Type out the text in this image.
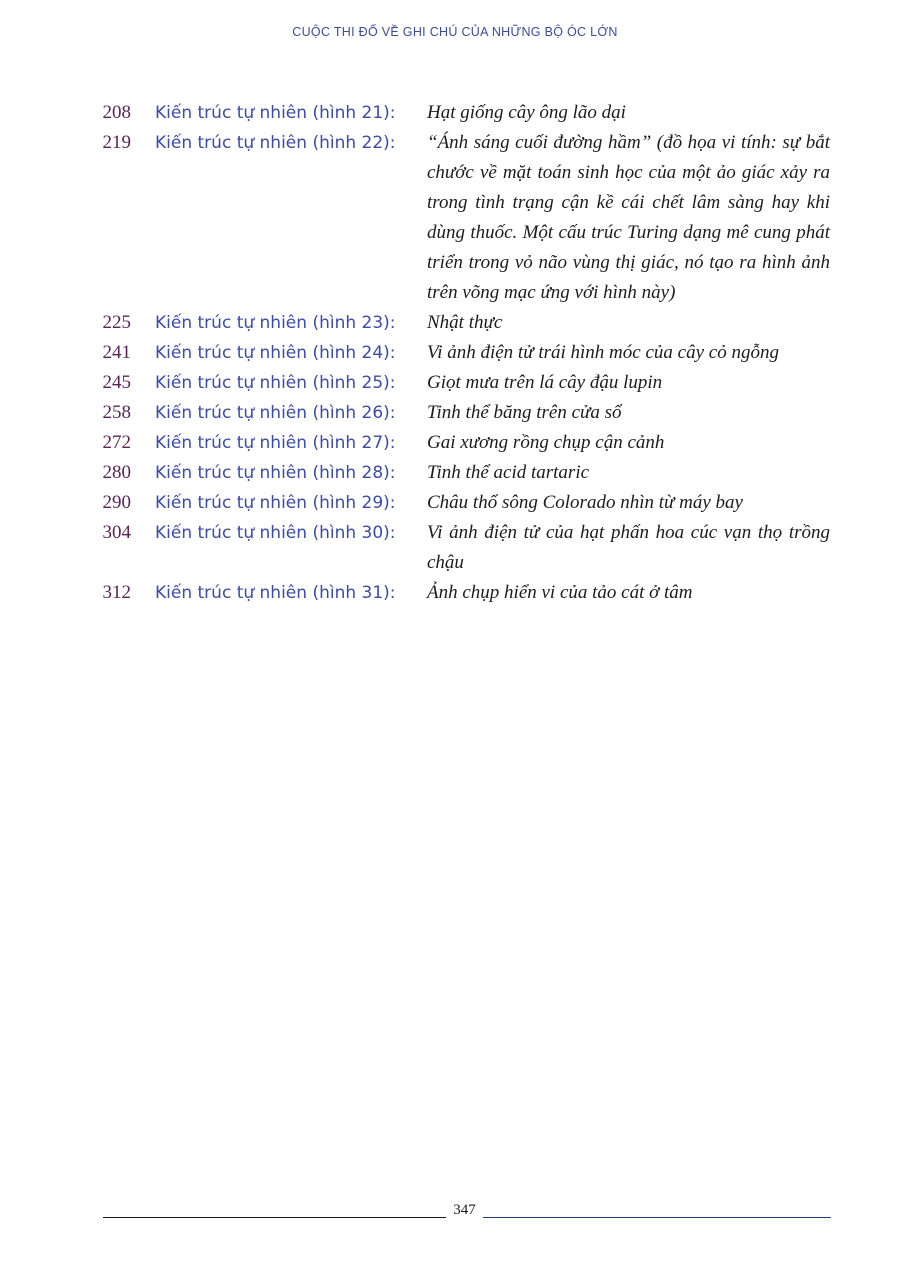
CUỘC THI ĐỐ VỀ GHI CHÚ CỦA NHỮNG BỘ ÓC LỚN
208 Kiến trúc tự nhiên (hình 21):	Hạt giống cây ông lão dại
219 Kiến trúc tự nhiên (hình 22):	“Ánh sáng cuối đường hầm” (đồ họa vi tính: sự bắt chước về mặt toán sinh học của một ảo giác xảy ra trong tình trạng cận kề cái chết lâm sàng hay khi dùng thuốc. Một cấu trúc Turing dạng mê cung phát triển trong vỏ não vùng thị giác, nó tạo ra hình ảnh trên võng mạc ứng với hình này)
225 Kiến trúc tự nhiên (hình 23):	Nhật thực
241 Kiến trúc tự nhiên (hình 24):	Vi ảnh điện tử trái hình móc của cây cỏ ngỗng
245 Kiến trúc tự nhiên (hình 25):	Giọt mưa trên lá cây đậu lupin
258 Kiến trúc tự nhiên (hình 26):	Tinh thể băng trên cửa sổ
272 Kiến trúc tự nhiên (hình 27):	Gai xương rồng chụp cận cảnh
280 Kiến trúc tự nhiên (hình 28):	Tinh thể acid tartaric
290 Kiến trúc tự nhiên (hình 29):	Châu thổ sông Colorado nhìn từ máy bay
304 Kiến trúc tự nhiên (hình 30):	Vi ảnh điện tử của hạt phấn hoa cúc vạn thọ trồng chậu
312 Kiến trúc tự nhiên (hình 31):	Ảnh chụp hiển vi của tảo cát ở tâm
347
